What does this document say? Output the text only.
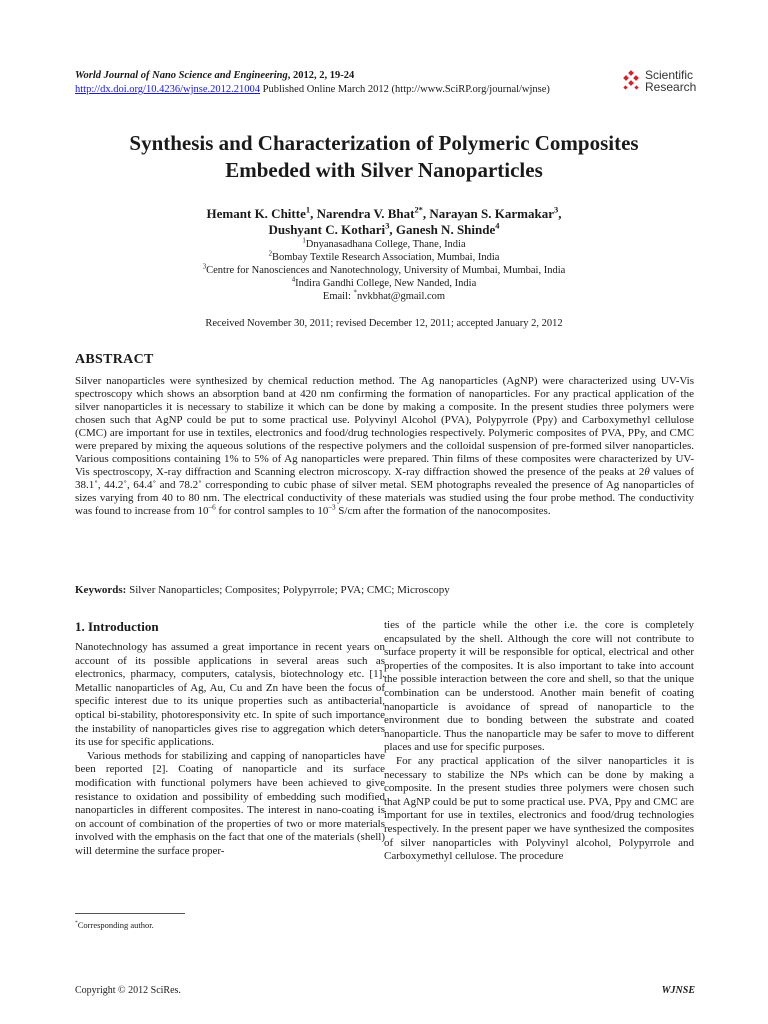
World Journal of Nano Science and Engineering, 2012, 2, 19-24
http://dx.doi.org/10.4236/wjnse.2012.21004 Published Online March 2012 (http://www.SciRP.org/journal/wjnse)
Scientific
Research
Synthesis and Characterization of Polymeric Composites
Embeded with Silver Nanoparticles
Hemant K. Chitte$^1$, Narendra V. Bhat$^{2*}$, Narayan S. Karmakar$^3$,
Dushyant C. Kothari$^3$, Ganesh N. Shinde$^4$
$^1$Dnyanasadhana College, Thane, India
$^2$Bombay Textile Research Association, Mumbai, India
$^3$Centre for Nanosciences and Nanotechnology, University of Mumbai, Mumbai, India
$^4$Indira Gandhi College, New Nanded, India
Email: *nvkbhat@gmail.com
Received November 30, 2011; revised December 12, 2011; accepted January 2, 2012
ABSTRACT

Silver nanoparticles were synthesized by chemical reduction method. The Ag nanoparticles (AgNP) were characterized using UV-Vis spectroscopy which shows an absorption band at 420 nm confirming the formation of nanoparticles. For any practical application of the silver nanoparticles it is necessary to stabilize it which can be done by making a composite. In the present studies three polymers were chosen such that AgNP could be put to some practical use. Polyvinyl Alcohol (PVA), Polypyrrole (Ppy) and Carboxymethyl cellulose (CMC) are important for use in textiles, electronics and food/drug technologies respectively. Polymeric composites of PVA, PPy, and CMC were prepared by mixing the aqueous solutions of the respective polymers and the colloidal suspension of pre-formed silver nanoparticles. Various compositions containing 1% to 5% of Ag nanoparticles were prepared. Thin films of these composites were characterized by UV-Vis spectroscopy, X-ray diffraction and Scanning electron microscopy. X-ray diffraction showed the presence of the peaks at 2θ values of 38.1˚, 44.2˚, 64.4˚ and 78.2˚ corresponding to cubic phase of silver metal. SEM photographs revealed the presence of Ag nanoparticles of sizes varying from 40 to 80 nm. The electrical conductivity of these materials was studied using the four probe method. The conductivity was found to increase from $10^{-6}$ for control samples to $10^{-3}$ S/cm after the formation of the nanocomposites.

Keywords: Silver Nanoparticles; Composites; Polypyrrole; PVA; CMC; Microscopy
1. Introduction

Nanotechnology has assumed a great importance in recent years on account of its possible applications in several areas such as electronics, pharmacy, computers, catalysis, biotechnology etc. [1]. Metallic nanoparticles of Ag, Au, Cu and Zn have been the focus of specific interest due to its unique properties such as antibacterial, optical bi-stability, photoresponsivity etc. In spite of such importance the instability of nanoparticles gives rise to aggregation which deters its use for specific applications.

Various methods for stabilizing and capping of nanoparticles have been reported [2]. Coating of nanoparticle and its surface modification with functional polymers have been achieved to give resistance to oxidation and possibility of embedding such modified nanoparticles in different composites. The interest in nano-coating is on account of combination of the properties of two or more materials involved with the emphasis on the fact that one of the materials (shell) will determine the surface proper-

ties of the particle while the other i.e. the core is completely encapsulated by the shell. Although the core will not contribute to surface property it will be responsible for optical, electrical and other properties of the composites. It is also important to take into account the possible interaction between the core and shell, so that the unique combination can be understood. Another main benefit of coating nanoparticle is avoidance of spread of nanoparticle to the environment due to bonding between the substrate and coated nanoparticle. Thus the nanoparticle may be safer to move to different places and use for specific purposes.

For any practical application of the silver nanoparticles it is necessary to stabilize the NPs which can be done by making a composite. In the present studies three polymers were chosen such that AgNP could be put to some practical use. PVA, Ppy and CMC are important for use in textiles, electronics and food/drug technologies respectively. In the present paper we have synthesized the composites of silver nanoparticles with Polyvinyl alcohol, Polypyrrole and Carboxymethyl cellulose. The procedure

*Corresponding author.
Copyright © 2012 SciRes.	WJNSE
